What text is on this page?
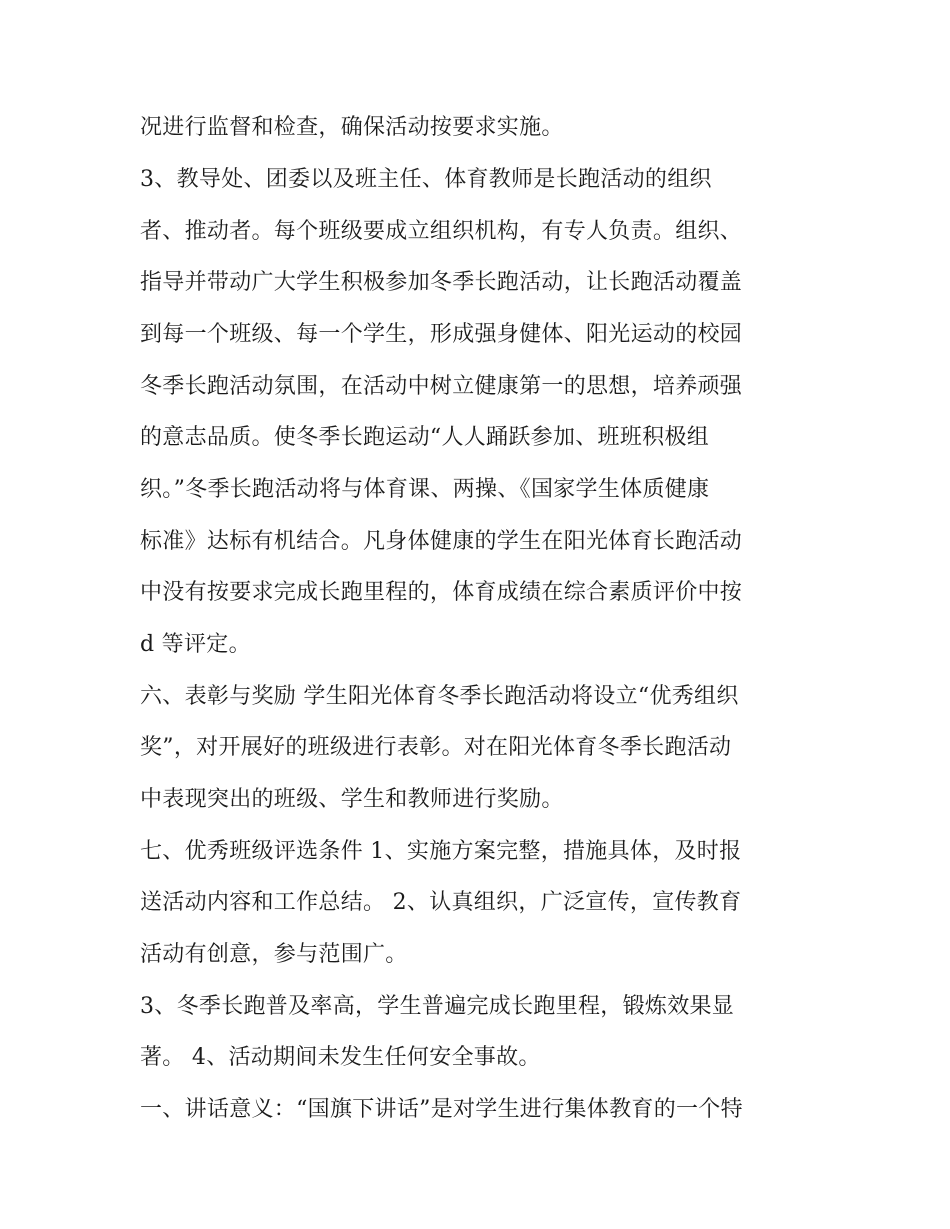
况进行监督和检查，确保活动按要求实施。
3、教导处、团委以及班主任、体育教师是长跑活动的组织
者、推动者。每个班级要成立组织机构，有专人负责。组织、
指导并带动广大学生积极参加冬季长跑活动，让长跑活动覆盖
到每一个班级、每一个学生，形成强身健体、阳光运动的校园
冬季长跑活动氛围，在活动中树立健康第一的思想，培养顽强
的意志品质。使冬季长跑运动“人人踊跃参加、班班积极组
织。”冬季长跑活动将与体育课、两操、《国家学生体质健康
标准》达标有机结合。凡身体健康的学生在阳光体育长跑活动
中没有按要求完成长跑里程的，体育成绩在综合素质评价中按
d 等评定。
六、表彰与奖励 学生阳光体育冬季长跑活动将设立“优秀组织
奖”，对开展好的班级进行表彰。对在阳光体育冬季长跑活动
中表现突出的班级、学生和教师进行奖励。
七、优秀班级评选条件 1、实施方案完整，措施具体，及时报
送活动内容和工作总结。 2、认真组织，广泛宣传，宣传教育
活动有创意，参与范围广。
3、冬季长跑普及率高，学生普遍完成长跑里程，锻炼效果显
著。 4、活动期间未发生任何安全事故。
一、讲话意义：“国旗下讲话”是对学生进行集体教育的一个特
